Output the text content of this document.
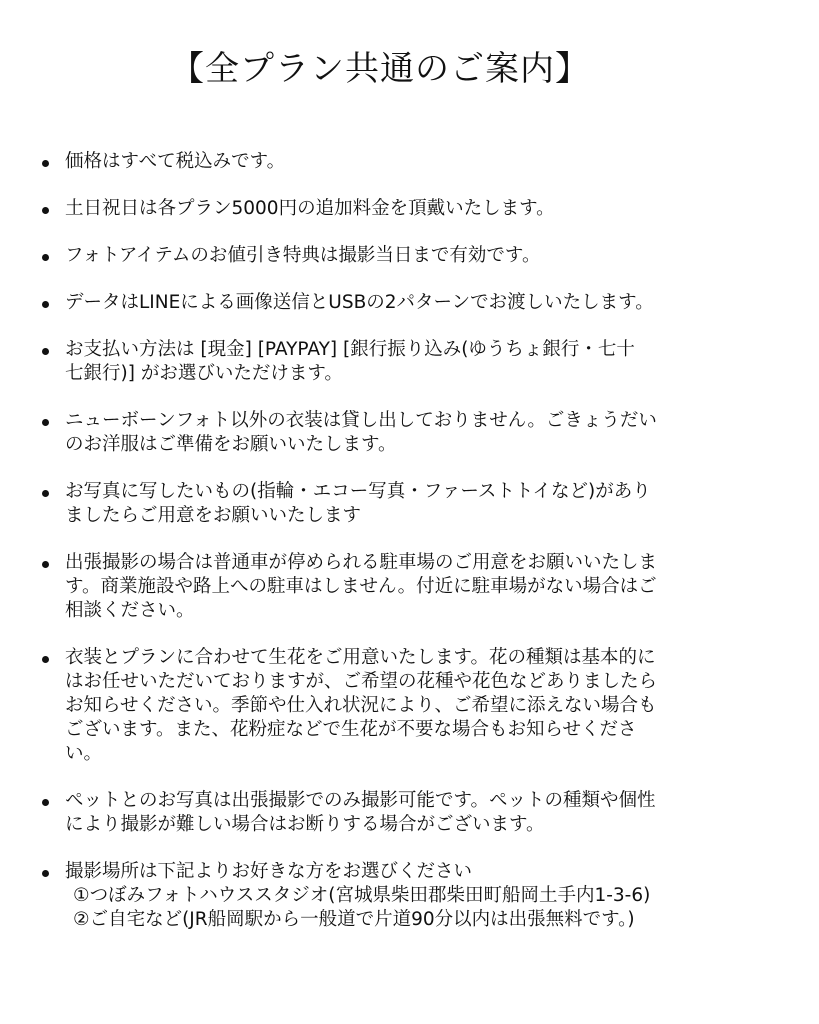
【全プラン共通のご案内】
価格はすべて税込みです。
土日祝日は各プラン5000円の追加料金を頂戴いたします。
フォトアイテムのお値引き特典は撮影当日まで有効です。
データはLINEによる画像送信とUSBの2パターンでお渡しいたします。
お支払い方法は [現金] [PAYPAY] [銀行振り込み(ゆうちょ銀行・七十
七銀行)] がお選びいただけます。
ニューボーンフォト以外の衣装は貸し出しておりません。ごきょうだい
のお洋服はご準備をお願いいたします。
お写真に写したいもの(指輪・エコー写真・ファーストトイなど)があり
ましたらご用意をお願いいたします
出張撮影の場合は普通車が停められる駐車場のご用意をお願いいたしま
す。商業施設や路上への駐車はしません。付近に駐車場がない場合はご
相談ください。
衣装とプランに合わせて生花をご用意いたします。花の種類は基本的に
はお任せいただいておりますが、ご希望の花種や花色などありましたら
お知らせください。季節や仕入れ状況により、ご希望に添えない場合も
ございます。また、花粉症などで生花が不要な場合もお知らせくださ
い。
ペットとのお写真は出張撮影でのみ撮影可能です。ペットの種類や個性
により撮影が難しい場合はお断りする場合がございます。
撮影場所は下記よりお好きな方をお選びください
①つぼみフォトハウススタジオ(宮城県柴田郡柴田町船岡土手内1-3-6)
②ご自宅など(JR船岡駅から一般道で片道90分以内は出張無料です。)
